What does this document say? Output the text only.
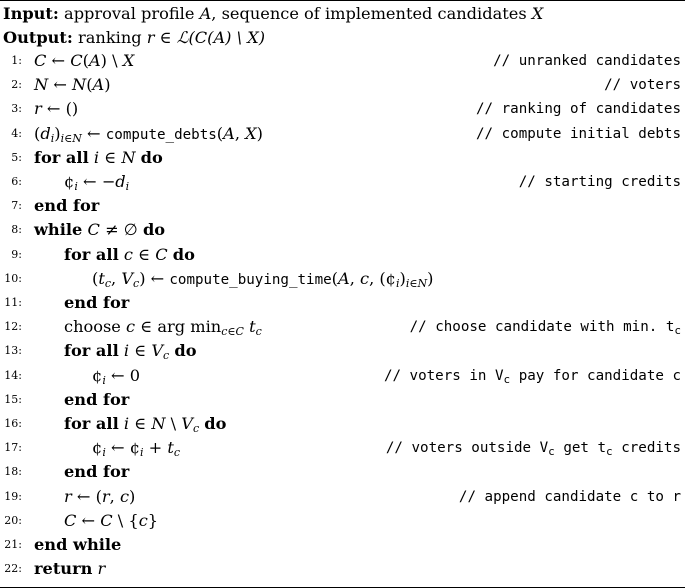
Input: approval profile A, sequence of implemented candidates X
Output: ranking r ∈ ℒ(C(A) \ X)
1: C ← C(A) \ X	// unranked candidates
2: N ← N(A)	// voters
3: r ← ()	// ranking of candidates
4: $(d_i)_{i\in N}$ ← compute_debts(A, X)	// compute initial debts
5: for all i ∈ N do
6:	$¢_i$ ← $-d_i$	// starting credits
7: end for
8: while C ≠ ∅ do
9:	for all c ∈ C do
10:	($t_c$, $V_c$) ← compute_buying_time(A, c, $(¢_i)_{i\in N}$)
11:	end for
12:	choose c ∈ arg $\min_{c\in C} t_c$	// choose candidate with min. $t_c$
13:	for all i ∈ $V_c$ do
14:	$¢_i$ ← 0	// voters in $V_c$ pay for candidate c
15:	end for
16:	for all i ∈ N \ $V_c$ do
17:	$¢_i$ ← $¢_i + t_c$	// voters outside $V_c$ get $t_c$ credits
18:	end for
19:	r ← (r, c)	// append candidate c to r
20:	C ← C \ {c}
21: end while
22: return r
